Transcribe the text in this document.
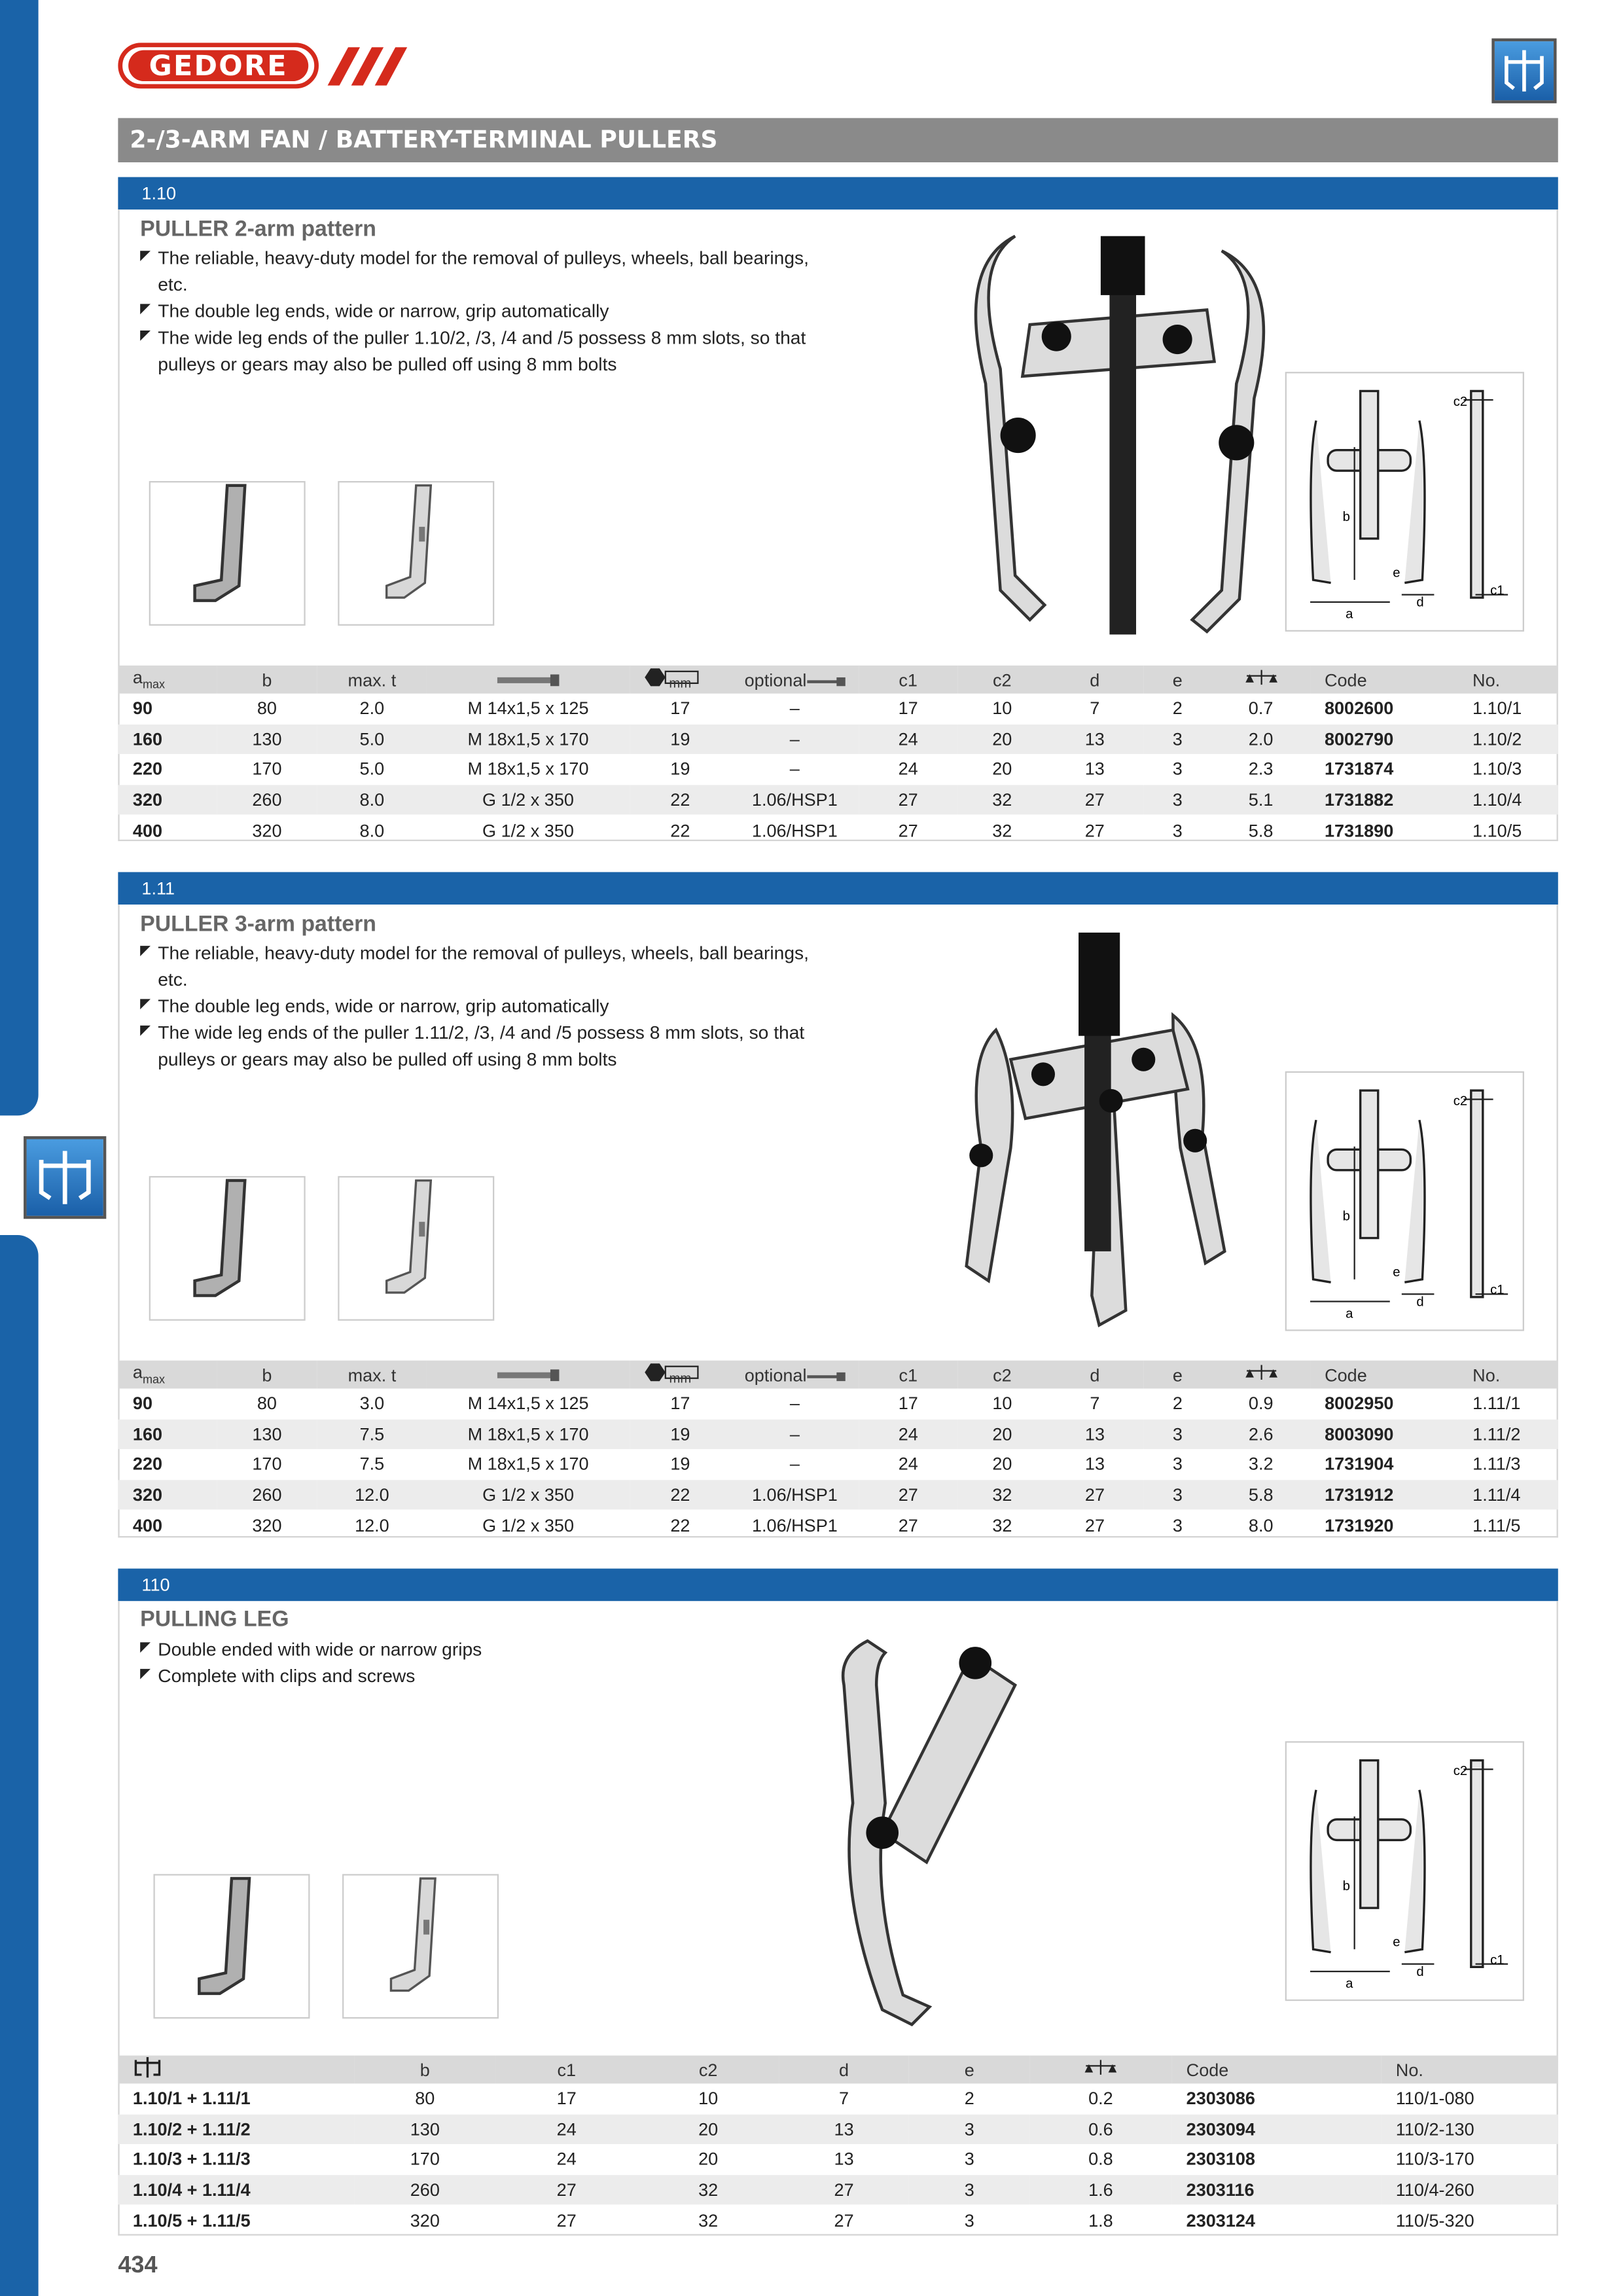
GEDORE
2-/3-ARM FAN / BATTERY-TERMINAL PULLERS
1.10
PULLER 2-arm pattern
The reliable, heavy-duty model for the removal of pulleys, wheels, ball bearings, etc.
The double leg ends, wide or narrow, grip automatically
The wide leg ends of the puller 1.10/2, /3, /4 and /5 possess 8 mm slots, so that pulleys or gears may also be pulled off using 8 mm bolts
a
b
c1
c2
d
e
$a_{max}$	b	max. t		mm	optional	c1	c2	d	e		Code	No.
90	80	2.0	M 14x1,5 x 125	17	–	17	10	7	2	0.7	8002600	1.10/1
160	130	5.0	M 18x1,5 x 170	19	–	24	20	13	3	2.0	8002790	1.10/2
220	170	5.0	M 18x1,5 x 170	19	–	24	20	13	3	2.3	1731874	1.10/3
320	260	8.0	G 1/2 x 350	22	1.06/HSP1	27	32	27	3	5.1	1731882	1.10/4
400	320	8.0	G 1/2 x 350	22	1.06/HSP1	27	32	27	3	5.8	1731890	1.10/5
1.11
PULLER 3-arm pattern
The reliable, heavy-duty model for the removal of pulleys, wheels, ball bearings, etc.
The double leg ends, wide or narrow, grip automatically
The wide leg ends of the puller 1.11/2, /3, /4 and /5 possess 8 mm slots, so that pulleys or gears may also be pulled off using 8 mm bolts
a
b
c1
c2
d
e
$a_{max}$	b	max. t		mm	optional	c1	c2	d	e		Code	No.
90	80	3.0	M 14x1,5 x 125	17	–	17	10	7	2	0.9	8002950	1.11/1
160	130	7.5	M 18x1,5 x 170	19	–	24	20	13	3	2.6	8003090	1.11/2
220	170	7.5	M 18x1,5 x 170	19	–	24	20	13	3	3.2	1731904	1.11/3
320	260	12.0	G 1/2 x 350	22	1.06/HSP1	27	32	27	3	5.8	1731912	1.11/4
400	320	12.0	G 1/2 x 350	22	1.06/HSP1	27	32	27	3	8.0	1731920	1.11/5
110
PULLING LEG
Double ended with wide or narrow grips
Complete with clips and screws
a
b
c1
c2
d
e
	b	c1	c2	d	e		Code	No.
1.10/1 + 1.11/1	80	17	10	7	2	0.2	2303086	110/1-080
1.10/2 + 1.11/2	130	24	20	13	3	0.6	2303094	110/2-130
1.10/3 + 1.11/3	170	24	20	13	3	0.8	2303108	110/3-170
1.10/4 + 1.11/4	260	27	32	27	3	1.6	2303116	110/4-260
1.10/5 + 1.11/5	320	27	32	27	3	1.8	2303124	110/5-320
434
